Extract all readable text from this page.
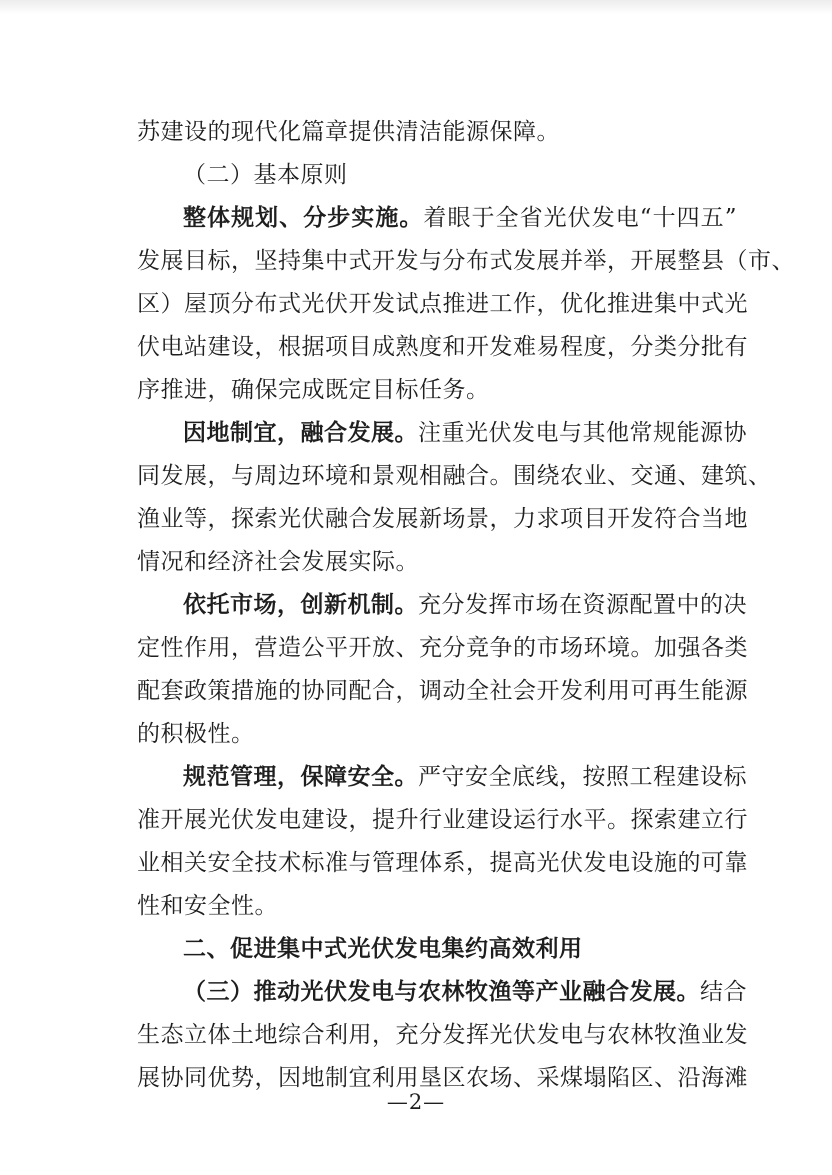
苏建设的现代化篇章提供清洁能源保障。
（二）基本原则
整体规划、分步实施。着眼于全省光伏发电“十四五”
发展目标，坚持集中式开发与分布式发展并举，开展整县（市、
区）屋顶分布式光伏开发试点推进工作，优化推进集中式光
伏电站建设，根据项目成熟度和开发难易程度，分类分批有
序推进，确保完成既定目标任务。
因地制宜，融合发展。注重光伏发电与其他常规能源协
同发展，与周边环境和景观相融合。围绕农业、交通、建筑、
渔业等，探索光伏融合发展新场景，力求项目开发符合当地
情况和经济社会发展实际。
依托市场，创新机制。充分发挥市场在资源配置中的决
定性作用，营造公平开放、充分竞争的市场环境。加强各类
配套政策措施的协同配合，调动全社会开发利用可再生能源
的积极性。
规范管理，保障安全。严守安全底线，按照工程建设标
准开展光伏发电建设，提升行业建设运行水平。探索建立行
业相关安全技术标准与管理体系，提高光伏发电设施的可靠
性和安全性。
二、促进集中式光伏发电集约高效利用
（三）推动光伏发电与农林牧渔等产业融合发展。结合
生态立体土地综合利用，充分发挥光伏发电与农林牧渔业发
展协同优势，因地制宜利用垦区农场、采煤塌陷区、沿海滩
—2—
